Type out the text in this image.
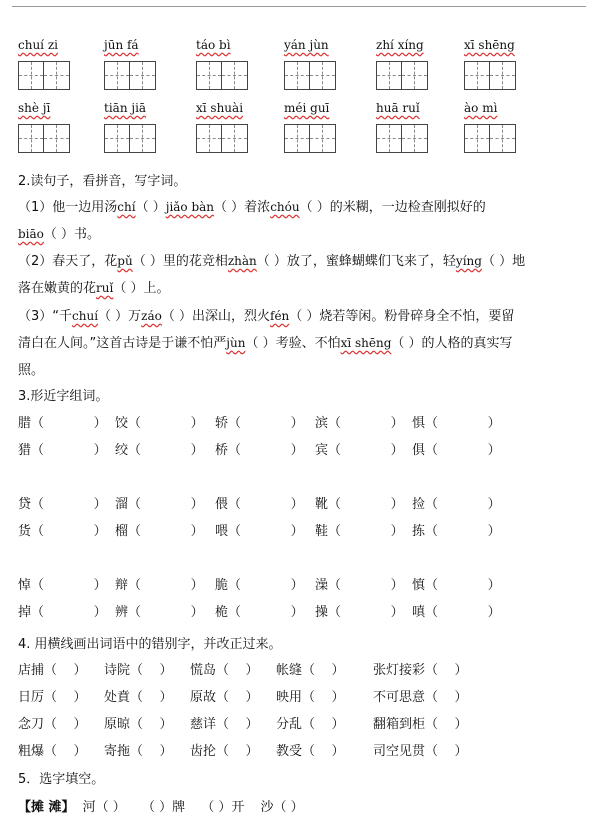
chuí zi	jūn fá	táo bì	yán jùn	zhí xíng	xī shēng
shè jī	tiān jiā	xī shuài	méi guī	huā ruǐ	ào mì
2.读句子，看拼音，写字词。
（1）他一边用汤chí（ ）jiǎo bàn（ ）着浓chóu（ ）的米糊，一边检查刚拟好的
biāo（ ）书。
（2）春天了，花pǔ（ ）里的花竞相zhàn（ ）放了，蜜蜂蝴蝶们飞来了，轻yíng（ ）地
落在嫩黄的花ruǐ（ ）上。
（3）“千chuí（ ）万záo（ ）出深山，烈火fén（ ）烧若等闲。粉骨碎身全不怕，要留
清白在人间。”这首古诗是于谦不怕严jùn（ ）考验、不怕xī shēng（ ）的人格的真实写
照。
3.形近字组词。
腊（            ） 饺（            ） 轿（            ） 滨（            ） 惧（            ）
猎（            ） 绞（            ） 桥（            ） 宾（            ） 俱（            ）
贷（            ） 溜（            ） 偎（            ） 靴（            ） 捡（            ）
货（            ） 榴（            ） 喂（            ） 鞋（            ） 拣（            ）
悼（            ） 辩（            ） 脆（            ） 澡（            ） 慎（            ）
掉（            ） 辨（            ） 桅（            ） 操（            ） 嗔（            ）
4. 用横线画出词语中的错别字，并改正过来。
店捕（    ） 诗院（    ） 慌岛（    ） 帐缝（    ） 张灯接彩（    ）
日厉（    ） 处賁（    ） 原故（    ） 映用（    ） 不可思意（    ）
念刀（    ） 原晾（    ） 慈详（    ） 分乱（    ） 翻箱到柜（    ）
粗爆（    ） 寄拖（    ） 齿抡（    ） 教受（    ） 司空见贯（    ）
5．选字填空。
【摊 滩】 河（ ） （ ）牌 （ ）开 沙（ ）
